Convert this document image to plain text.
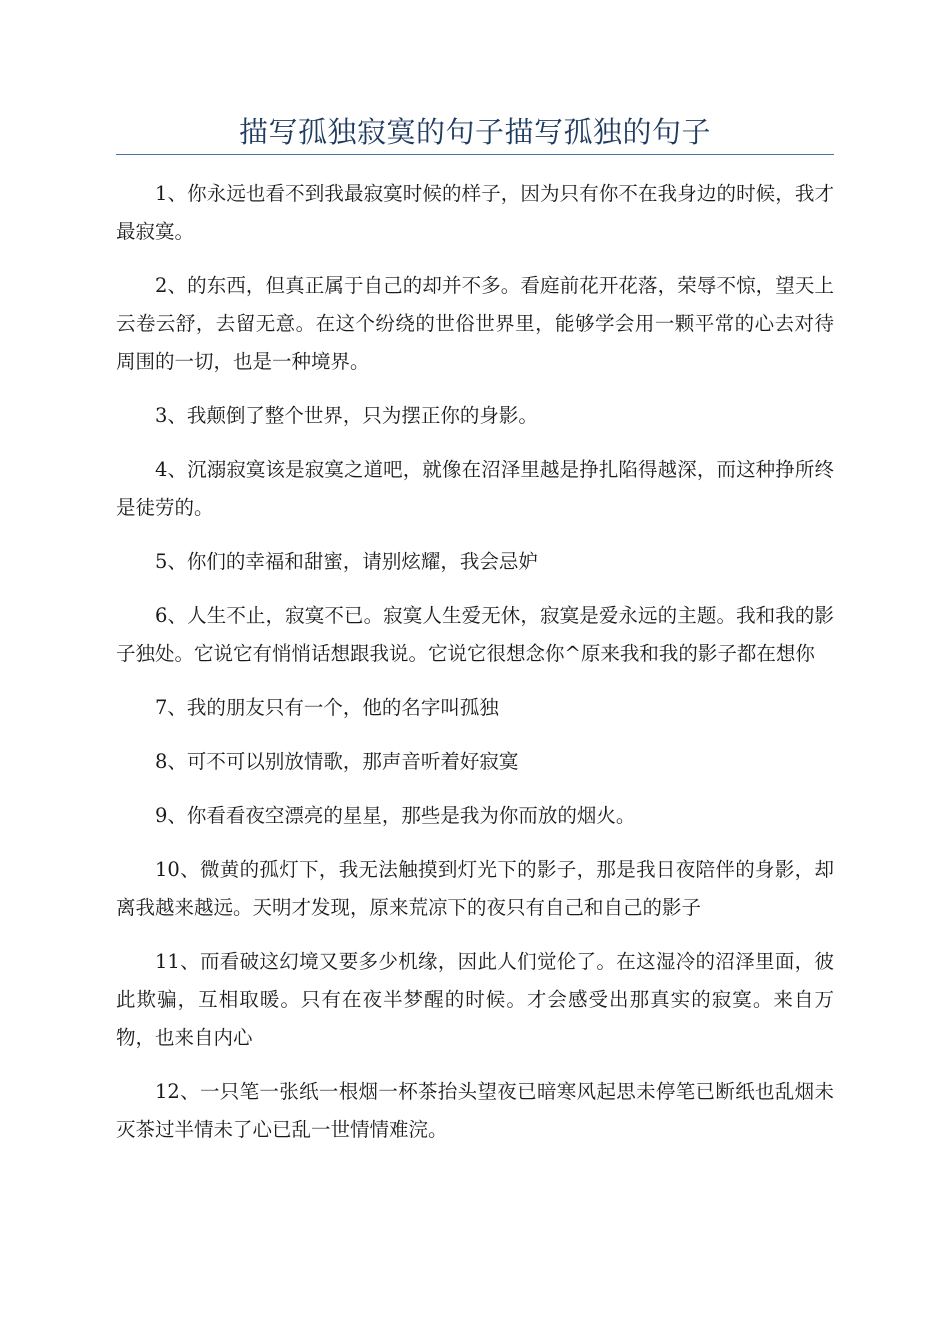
描写孤独寂寞的句子描写孤独的句子

1、你永远也看不到我最寂寞时候的样子，因为只有你不在我身边的时候，我才最寂寞。

2、的东西，但真正属于自己的却并不多。看庭前花开花落，荣辱不惊，望天上云卷云舒，去留无意。在这个纷绕的世俗世界里，能够学会用一颗平常的心去对待周围的一切，也是一种境界。

3、我颠倒了整个世界，只为摆正你的身影。

4、沉溺寂寞该是寂寞之道吧，就像在沼泽里越是挣扎陷得越深，而这种挣所终是徒劳的。

5、你们的幸福和甜蜜，请别炫耀，我会忌妒

6、人生不止，寂寞不已。寂寞人生爱无休，寂寞是爱永远的主题。我和我的影子独处。它说它有悄悄话想跟我说。它说它很想念你^原来我和我的影子都在想你

7、我的朋友只有一个，他的名字叫孤独

8、可不可以别放情歌，那声音听着好寂寞

9、你看看夜空漂亮的星星，那些是我为你而放的烟火。

10、微黄的孤灯下，我无法触摸到灯光下的影子，那是我日夜陪伴的身影，却离我越来越远。天明才发现，原来荒凉下的夜只有自己和自己的影子

11、而看破这幻境又要多少机缘，因此人们觉伦了。在这湿冷的沼泽里面，彼此欺骗，互相取暖。只有在夜半梦醒的时候。才会感受出那真实的寂寞。来自万物，也来自内心

12、一只笔一张纸一根烟一杯茶抬头望夜已暗寒风起思未停笔已断纸也乱烟未灭茶过半情未了心已乱一世情情难浣。
